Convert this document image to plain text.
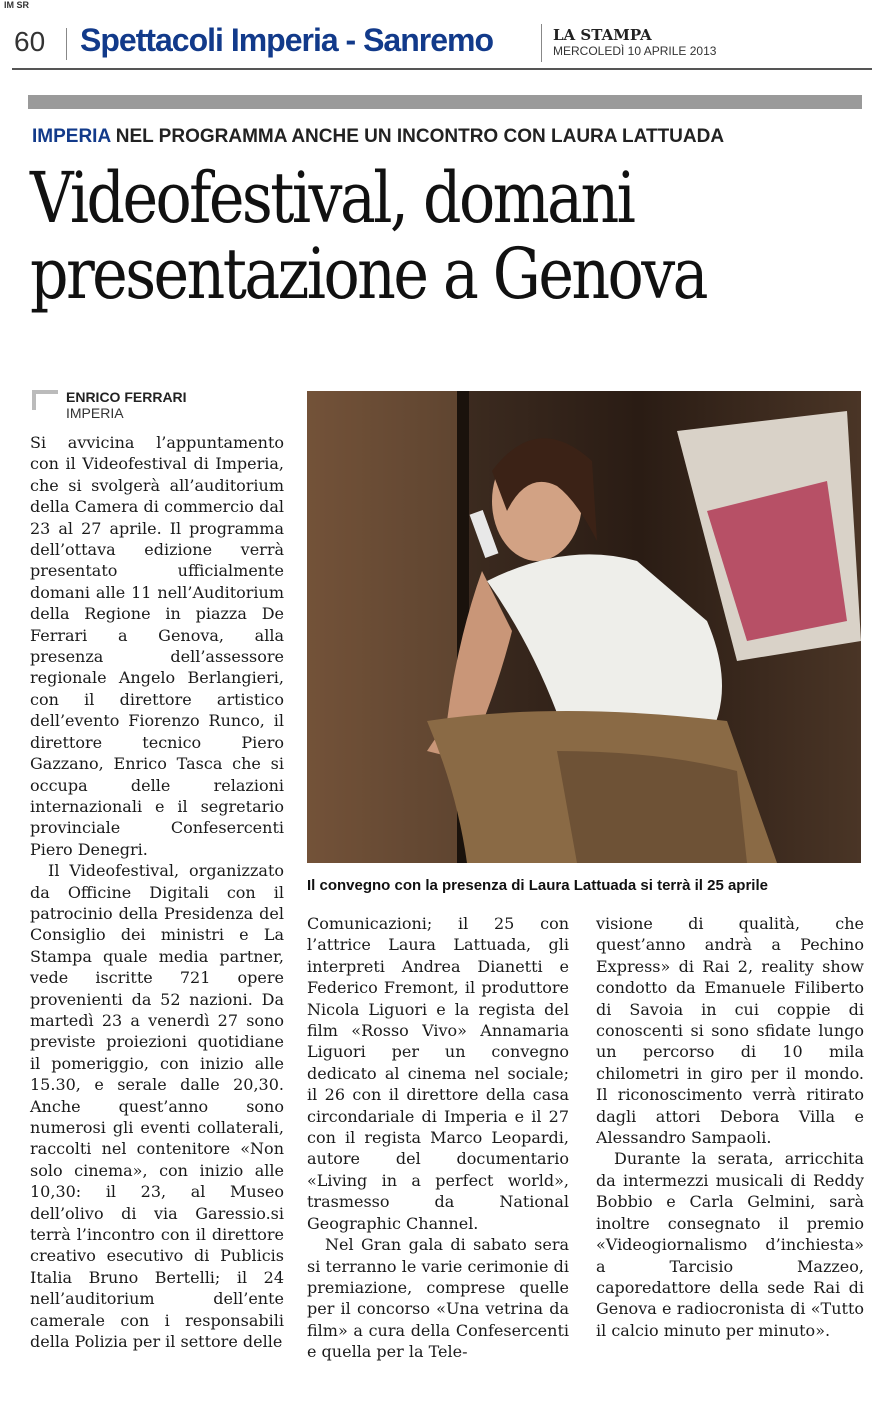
IM SR
60 Spettacoli Imperia - Sanremo	LA STAMPA
MERCOLEDÌ 10 APRILE 2013
IMPERIA NEL PROGRAMMA ANCHE UN INCONTRO CON LAURA LATTUADA
Videofestival, domani
presentazione a Genova
ENRICO FERRARI
IMPERIA

Si avvicina l’appuntamento con il Videofestival di Imperia, che si svolgerà all’auditorium della Camera di commercio dal 23 al 27 aprile. Il programma dell’ottava edizione verrà presentato ufficialmente domani alle 11 nell’Auditorium della Regione in piazza De Ferrari a Genova, alla presenza dell’assessore regionale Angelo Berlangieri, con il direttore artistico dell’evento Fiorenzo Runco, il direttore tecnico Piero Gazzano, Enrico Tasca che si occupa delle relazioni internazionali e il segretario provinciale Confesercenti Piero Denegri.

Il Videofestival, organizzato da Officine Digitali con il patrocinio della Presidenza del Consiglio dei ministri e La Stampa quale media partner, vede iscritte 721 opere provenienti da 52 nazioni. Da martedì 23 a venerdì 27 sono previste proiezioni quotidiane il pomeriggio, con inizio alle 15.30, e serale dalle 20,30. Anche quest’anno sono numerosi gli eventi collaterali, raccolti nel contenitore «Non solo cinema», con inizio alle 10,30: il 23, al Museo dell’olivo di via Garessio.si terrà l’incontro con il direttore creativo esecutivo di Publicis Italia Bruno Bertelli; il 24 nell’auditorium dell’ente camerale con i responsabili della Polizia per il settore delle

Il convegno con la presenza di Laura Lattuada si terrà il 25 aprile

Comunicazioni; il 25 con l’attrice Laura Lattuada, gli interpreti Andrea Dianetti e Federico Fremont, il produttore Nicola Liguori e la regista del film «Rosso Vivo» Annamaria Liguori per un convegno dedicato al cinema nel sociale; il 26 con il direttore della casa circondariale di Imperia e il 27 con il regista Marco Leopardi, autore del documentario «Living in a perfect world», trasmesso da National Geographic Channel.

Nel Gran gala di sabato sera si terranno le varie cerimonie di premiazione, comprese quelle per il concorso «Una vetrina da film» a cura della Confesercenti e quella per la Tele-

visione di qualità, che quest’anno andrà a Pechino Express» di Rai 2, reality show condotto da Emanuele Filiberto di Savoia in cui coppie di conoscenti si sono sfidate lungo un percorso di 10 mila chilometri in giro per il mondo. Il riconoscimento verrà ritirato dagli attori Debora Villa e Alessandro Sampaoli.

Durante la serata, arricchita da intermezzi musicali di Reddy Bobbio e Carla Gelmini, sarà inoltre consegnato il premio «Videogiornalismo d’inchiesta» a Tarcisio Mazzeo, caporedattore della sede Rai di Genova e radiocronista di «Tutto il calcio minuto per minuto».
